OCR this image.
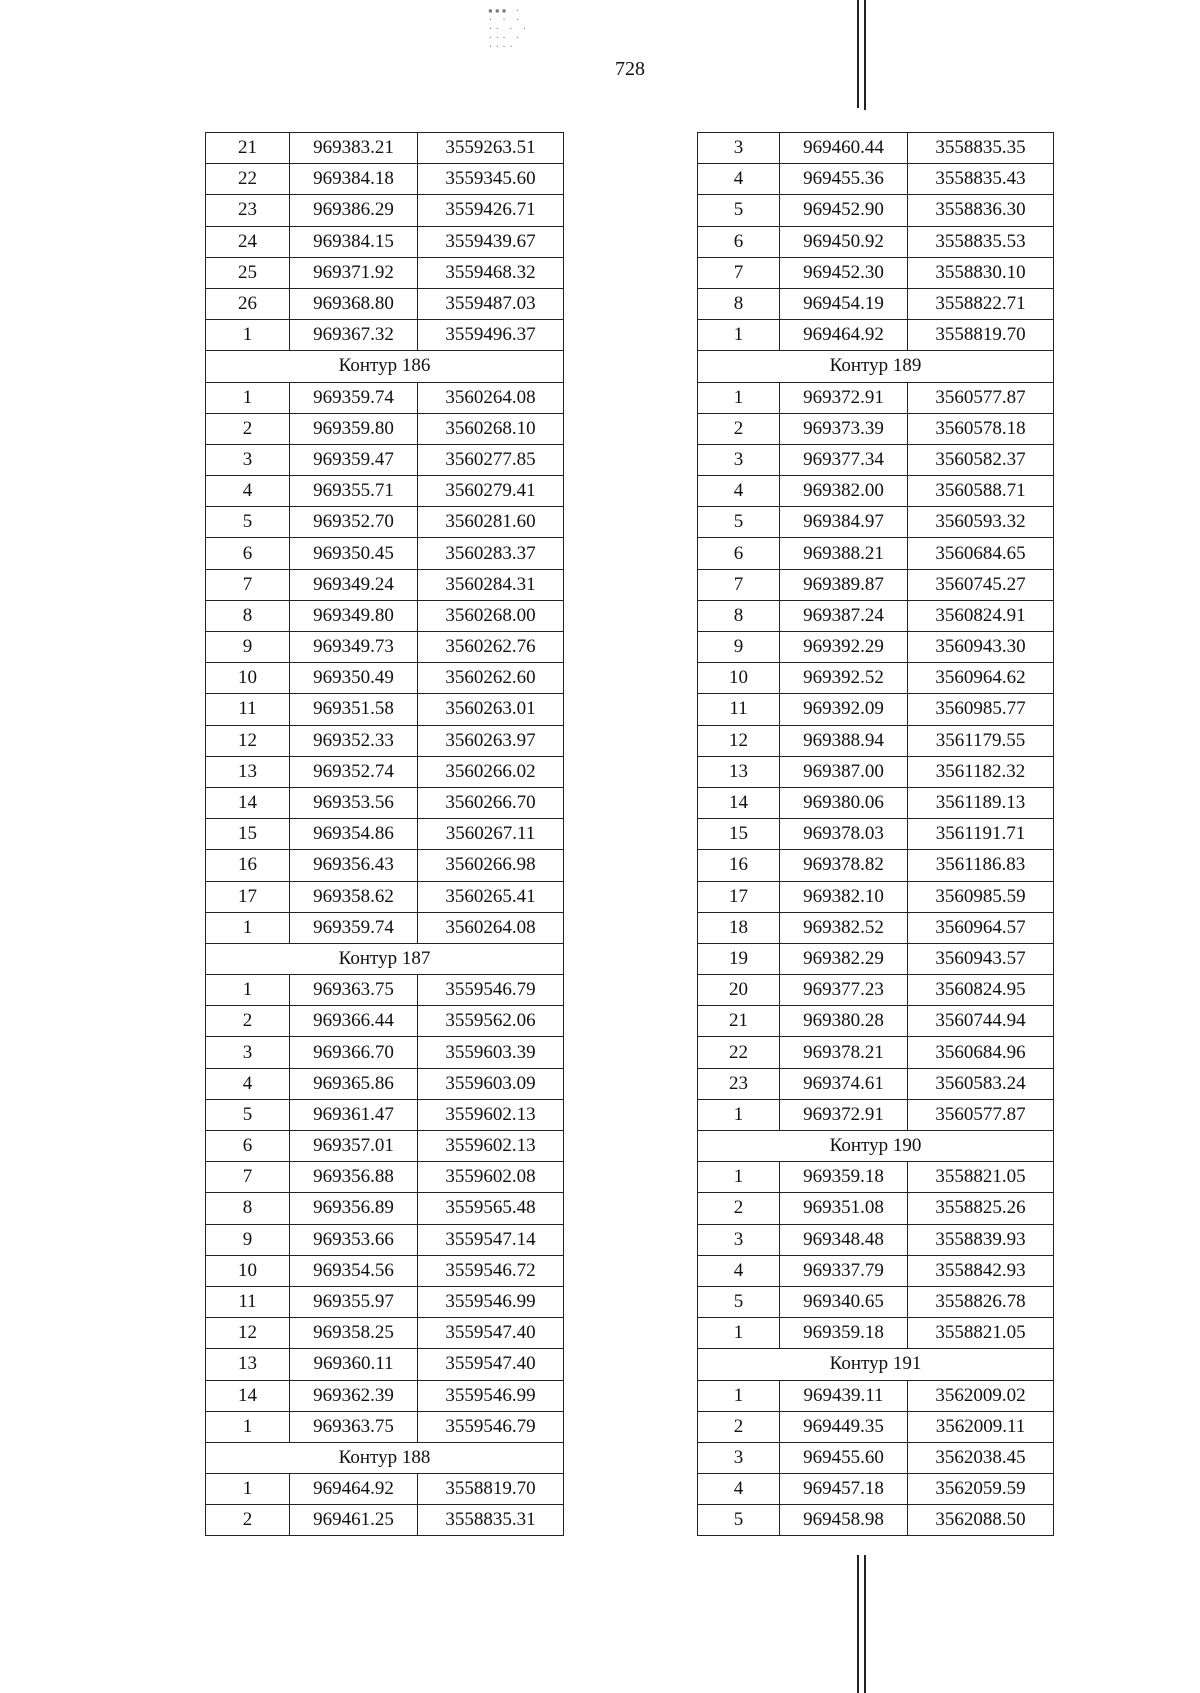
▪▪▪ ·
· · ·
·· · ·
··· ·
····
728
21	969383.21	3559263.51
22	969384.18	3559345.60
23	969386.29	3559426.71
24	969384.15	3559439.67
25	969371.92	3559468.32
26	969368.80	3559487.03
1	969367.32	3559496.37
Контур 186		
1	969359.74	3560264.08
2	969359.80	3560268.10
3	969359.47	3560277.85
4	969355.71	3560279.41
5	969352.70	3560281.60
6	969350.45	3560283.37
7	969349.24	3560284.31
8	969349.80	3560268.00
9	969349.73	3560262.76
10	969350.49	3560262.60
11	969351.58	3560263.01
12	969352.33	3560263.97
13	969352.74	3560266.02
14	969353.56	3560266.70
15	969354.86	3560267.11
16	969356.43	3560266.98
17	969358.62	3560265.41
1	969359.74	3560264.08
Контур 187		
1	969363.75	3559546.79
2	969366.44	3559562.06
3	969366.70	3559603.39
4	969365.86	3559603.09
5	969361.47	3559602.13
6	969357.01	3559602.13
7	969356.88	3559602.08
8	969356.89	3559565.48
9	969353.66	3559547.14
10	969354.56	3559546.72
11	969355.97	3559546.99
12	969358.25	3559547.40
13	969360.11	3559547.40
14	969362.39	3559546.99
1	969363.75	3559546.79
Контур 188		
1	969464.92	3558819.70
2	969461.25	3558835.31
3	969460.44	3558835.35
4	969455.36	3558835.43
5	969452.90	3558836.30
6	969450.92	3558835.53
7	969452.30	3558830.10
8	969454.19	3558822.71
1	969464.92	3558819.70
Контур 189		
1	969372.91	3560577.87
2	969373.39	3560578.18
3	969377.34	3560582.37
4	969382.00	3560588.71
5	969384.97	3560593.32
6	969388.21	3560684.65
7	969389.87	3560745.27
8	969387.24	3560824.91
9	969392.29	3560943.30
10	969392.52	3560964.62
11	969392.09	3560985.77
12	969388.94	3561179.55
13	969387.00	3561182.32
14	969380.06	3561189.13
15	969378.03	3561191.71
16	969378.82	3561186.83
17	969382.10	3560985.59
18	969382.52	3560964.57
19	969382.29	3560943.57
20	969377.23	3560824.95
21	969380.28	3560744.94
22	969378.21	3560684.96
23	969374.61	3560583.24
1	969372.91	3560577.87
Контур 190		
1	969359.18	3558821.05
2	969351.08	3558825.26
3	969348.48	3558839.93
4	969337.79	3558842.93
5	969340.65	3558826.78
1	969359.18	3558821.05
Контур 191		
1	969439.11	3562009.02
2	969449.35	3562009.11
3	969455.60	3562038.45
4	969457.18	3562059.59
5	969458.98	3562088.50
